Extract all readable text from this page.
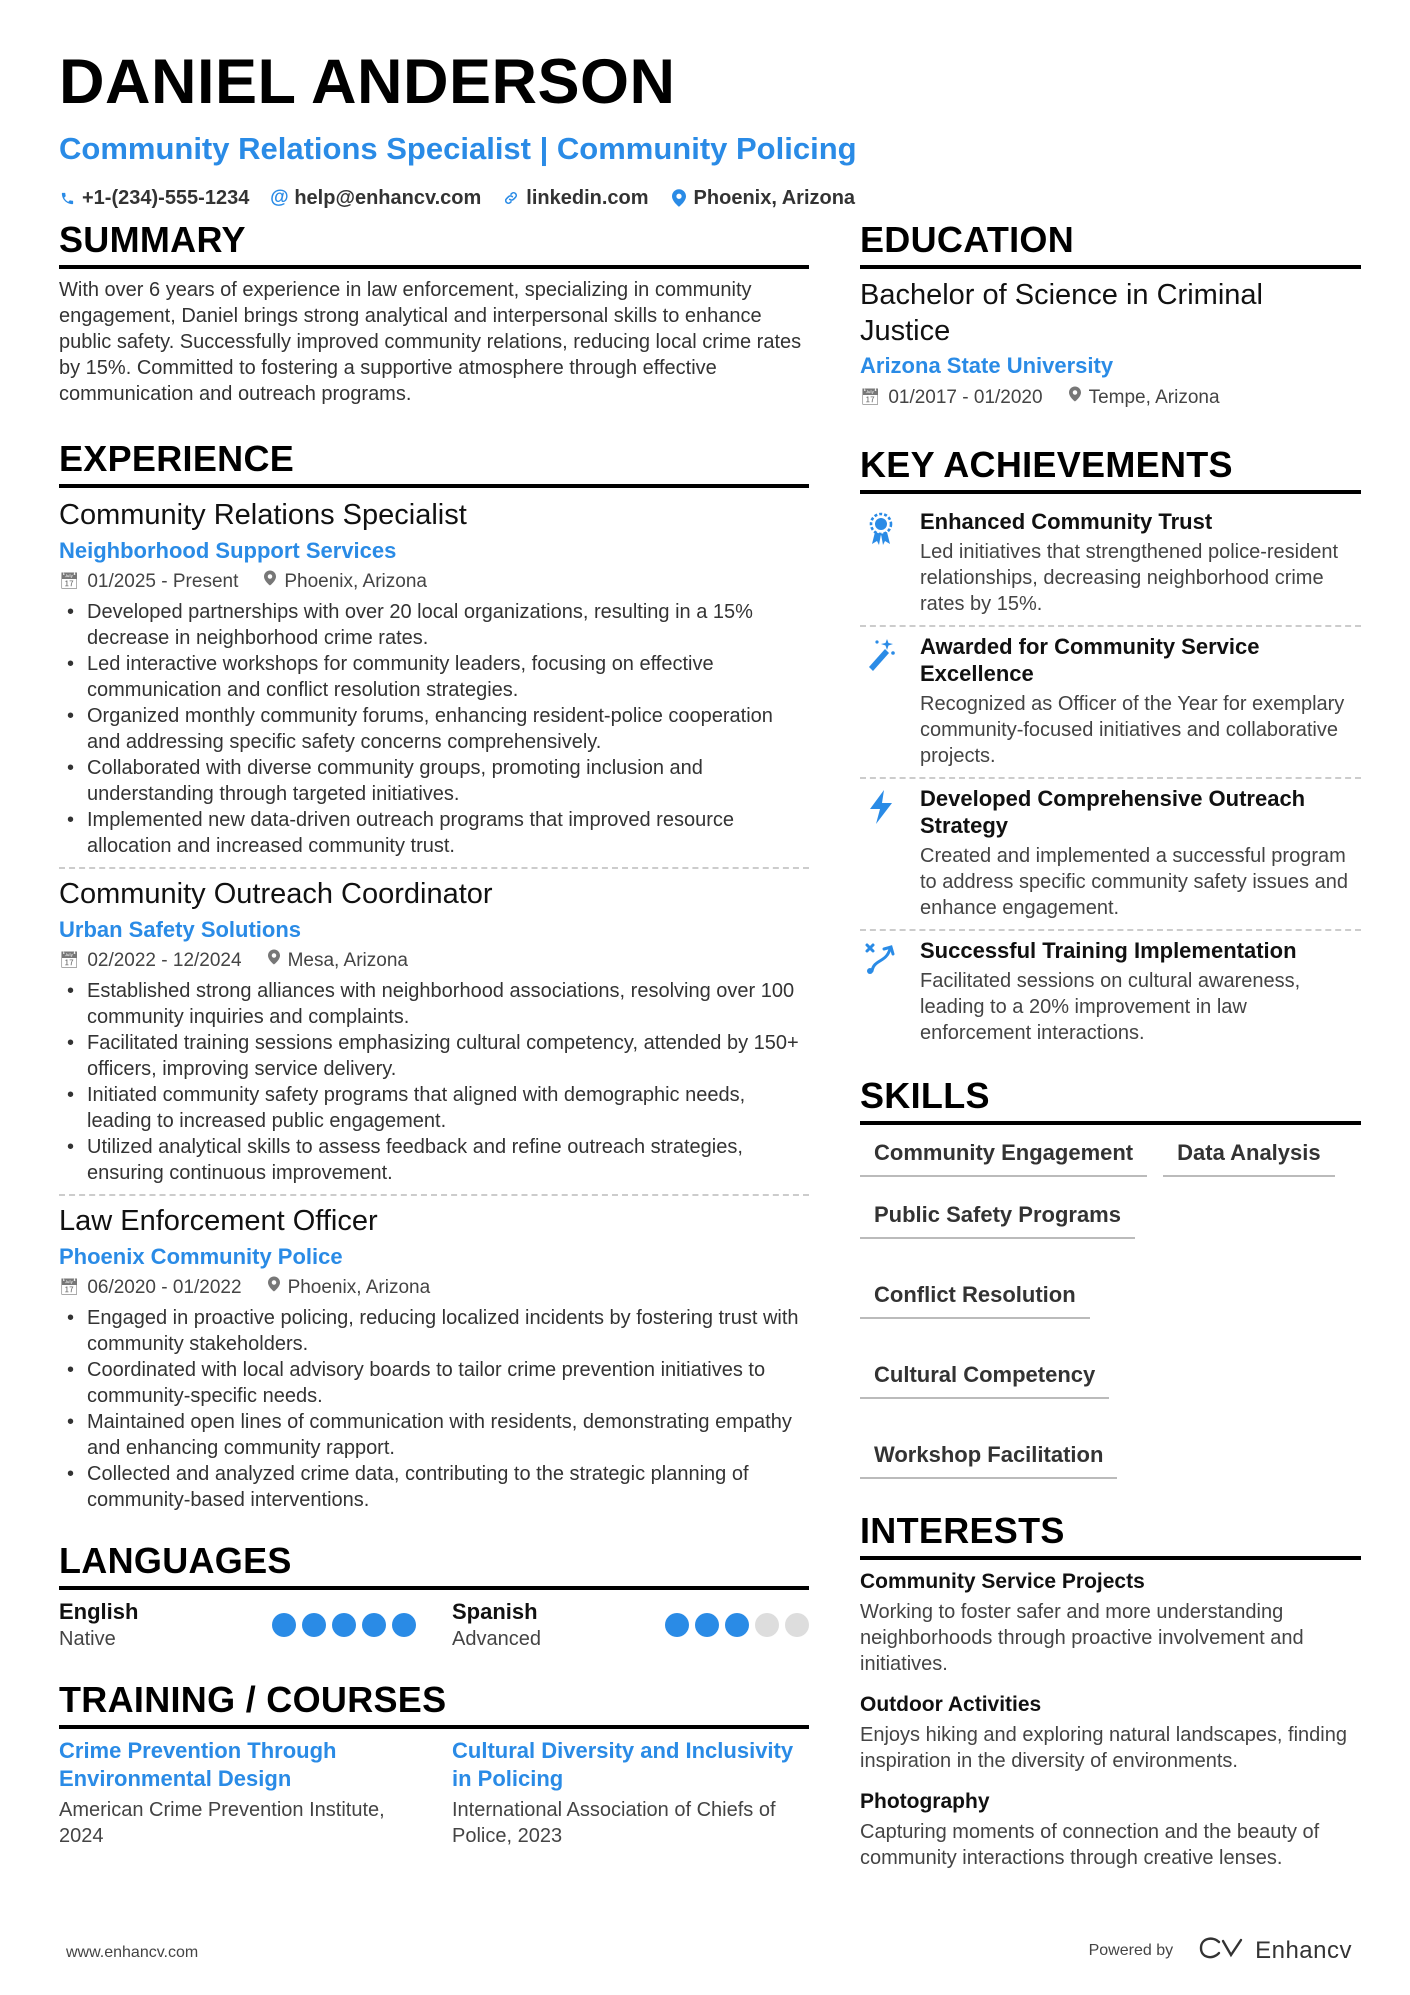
DANIEL ANDERSON
Community Relations Specialist | Community Policing
+1-(234)-555-1234 @ help@enhancv.com linkedin.com Phoenix, Arizona
SUMMARY

With over 6 years of experience in law enforcement, specializing in community engagement, Daniel brings strong analytical and interpersonal skills to enhance public safety. Successfully improved community relations, reducing local crime rates by 15%. Committed to fostering a supportive atmosphere through effective communication and outreach programs.

EXPERIENCE
Community Relations Specialist
Neighborhood Support Services
📅︎ 01/2025 - Present Phoenix, Arizona
• Developed partnerships with over 20 local organizations, resulting in a 15% decrease in neighborhood crime rates.
• Led interactive workshops for community leaders, focusing on effective communication and conflict resolution strategies.
• Organized monthly community forums, enhancing resident-police cooperation and addressing specific safety concerns comprehensively.
• Collaborated with diverse community groups, promoting inclusion and understanding through targeted initiatives.
• Implemented new data-driven outreach programs that improved resource allocation and increased community trust.
Community Outreach Coordinator
Urban Safety Solutions
📅︎ 02/2022 - 12/2024 Mesa, Arizona
• Established strong alliances with neighborhood associations, resolving over 100 community inquiries and complaints.
• Facilitated training sessions emphasizing cultural competency, attended by 150+ officers, improving service delivery.
• Initiated community safety programs that aligned with demographic needs, leading to increased public engagement.
• Utilized analytical skills to assess feedback and refine outreach strategies, ensuring continuous improvement.
Law Enforcement Officer
Phoenix Community Police
📅︎ 06/2020 - 01/2022 Phoenix, Arizona
• Engaged in proactive policing, reducing localized incidents by fostering trust with community stakeholders.
• Coordinated with local advisory boards to tailor crime prevention initiatives to community-specific needs.
• Maintained open lines of communication with residents, demonstrating empathy and enhancing community rapport.
• Collected and analyzed crime data, contributing to the strategic planning of community-based interventions.
LANGUAGES
English
Native
Spanish
Advanced
TRAINING / COURSES
Crime Prevention Through Environmental Design
American Crime Prevention Institute, 2024
Cultural Diversity and Inclusivity in Policing
International Association of Chiefs of Police, 2023
EDUCATION
Bachelor of Science in Criminal Justice
Arizona State University
📅︎ 01/2017 - 01/2020 Tempe, Arizona
KEY ACHIEVEMENTS
Enhanced Community Trust
Led initiatives that strengthened police-resident relationships, decreasing neighborhood crime rates by 15%.
Awarded for Community Service Excellence
Recognized as Officer of the Year for exemplary community-focused initiatives and collaborative projects.
Developed Comprehensive Outreach Strategy
Created and implemented a successful program to address specific community safety issues and enhance engagement.
Successful Training Implementation
Facilitated sessions on cultural awareness, leading to a 20% improvement in law enforcement interactions.
SKILLS
Community Engagement	Data Analysis
Public Safety Programs
Conflict Resolution
Cultural Competency
Workshop Facilitation
INTERESTS
Community Service Projects
Working to foster safer and more understanding neighborhoods through proactive involvement and initiatives.
Outdoor Activities
Enjoys hiking and exploring natural landscapes, finding inspiration in the diversity of environments.
Photography
Capturing moments of connection and the beauty of community interactions through creative lenses.
www.enhancv.com	Powered by	Enhancv
